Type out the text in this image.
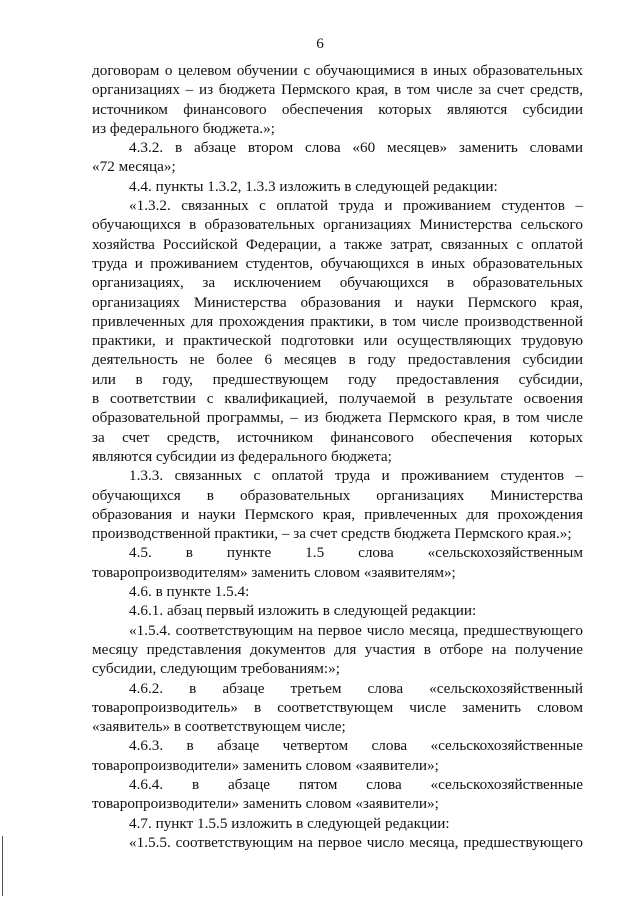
6
договорам о целевом обучении с обучающимися в иных образовательных
организациях – из бюджета Пермского края, в том числе за счет средств,
источником финансового обеспечения которых являются субсидии
из федерального бюджета.»;
4.3.2. в абзаце втором слова «60 месяцев» заменить словами
«72 месяца»;
4.4. пункты 1.3.2, 1.3.3 изложить в следующей редакции:
«1.3.2. связанных с оплатой труда и проживанием студентов –
обучающихся в образовательных организациях Министерства сельского
хозяйства Российской Федерации, а также затрат, связанных с оплатой
труда и проживанием студентов, обучающихся в иных образовательных
организациях, за исключением обучающихся в образовательных
организациях Министерства образования и науки Пермского края,
привлеченных для прохождения практики, в том числе производственной
практики, и практической подготовки или осуществляющих трудовую
деятельность не более 6 месяцев в году предоставления субсидии
или в году, предшествующем году предоставления субсидии,
в соответствии с квалификацией, получаемой в результате освоения
образовательной программы, – из бюджета Пермского края, в том числе
за счет средств, источником финансового обеспечения которых
являются субсидии из федерального бюджета;
1.3.3. связанных с оплатой труда и проживанием студентов –
обучающихся в образовательных организациях Министерства
образования и науки Пермского края, привлеченных для прохождения
производственной практики, – за счет средств бюджета Пермского края.»;
4.5. в пункте 1.5 слова «сельскохозяйственным
товаропроизводителям» заменить словом «заявителям»;
4.6. в пункте 1.5.4:
4.6.1. абзац первый изложить в следующей редакции:
«1.5.4. соответствующим на первое число месяца, предшествующего
месяцу представления документов для участия в отборе на получение
субсидии, следующим требованиям:»;
4.6.2. в абзаце третьем слова «сельскохозяйственный
товаропроизводитель» в соответствующем числе заменить словом
«заявитель» в соответствующем числе;
4.6.3. в абзаце четвертом слова «сельскохозяйственные
товаропроизводители» заменить словом «заявители»;
4.6.4. в абзаце пятом слова «сельскохозяйственные
товаропроизводители» заменить словом «заявители»;
4.7. пункт 1.5.5 изложить в следующей редакции:
«1.5.5. соответствующим на первое число месяца, предшествующего
